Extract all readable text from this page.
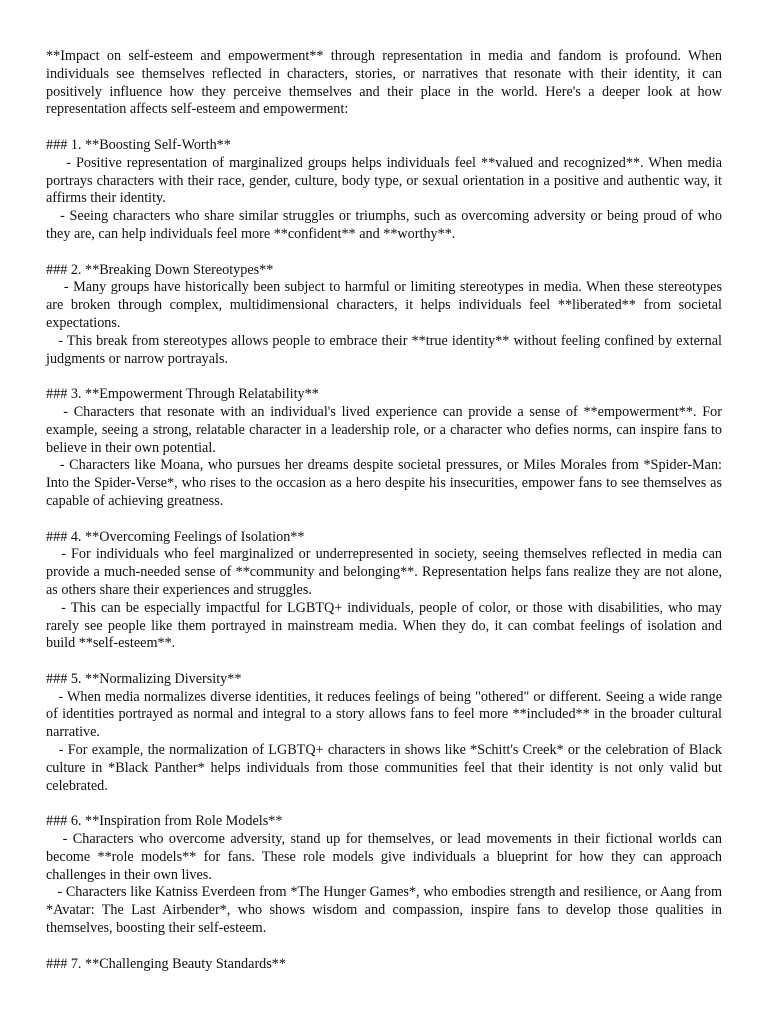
**Impact on self-esteem and empowerment** through representation in media and fandom is profound. When individuals see themselves reflected in characters, stories, or narratives that resonate with their identity, it can positively influence how they perceive themselves and their place in the world. Here's a deeper look at how representation affects self-esteem and empowerment:

### 1. **Boosting Self-Worth**

- Positive representation of marginalized groups helps individuals feel **valued and recognized**. When media portrays characters with their race, gender, culture, body type, or sexual orientation in a positive and authentic way, it affirms their identity.

- Seeing characters who share similar struggles or triumphs, such as overcoming adversity or being proud of who they are, can help individuals feel more **confident** and **worthy**.

### 2. **Breaking Down Stereotypes**

- Many groups have historically been subject to harmful or limiting stereotypes in media. When these stereotypes are broken through complex, multidimensional characters, it helps individuals feel **liberated** from societal expectations.

- This break from stereotypes allows people to embrace their **true identity** without feeling confined by external judgments or narrow portrayals.

### 3. **Empowerment Through Relatability**

- Characters that resonate with an individual's lived experience can provide a sense of **empowerment**. For example, seeing a strong, relatable character in a leadership role, or a character who defies norms, can inspire fans to believe in their own potential.

- Characters like Moana, who pursues her dreams despite societal pressures, or Miles Morales from *Spider-Man: Into the Spider-Verse*, who rises to the occasion as a hero despite his insecurities, empower fans to see themselves as capable of achieving greatness.

### 4. **Overcoming Feelings of Isolation**

- For individuals who feel marginalized or underrepresented in society, seeing themselves reflected in media can provide a much-needed sense of **community and belonging**. Representation helps fans realize they are not alone, as others share their experiences and struggles.

- This can be especially impactful for LGBTQ+ individuals, people of color, or those with disabilities, who may rarely see people like them portrayed in mainstream media. When they do, it can combat feelings of isolation and build **self-esteem**.

### 5. **Normalizing Diversity**

- When media normalizes diverse identities, it reduces feelings of being "othered" or different. Seeing a wide range of identities portrayed as normal and integral to a story allows fans to feel more **included** in the broader cultural narrative.

- For example, the normalization of LGBTQ+ characters in shows like *Schitt's Creek* or the celebration of Black culture in *Black Panther* helps individuals from those communities feel that their identity is not only valid but celebrated.

### 6. **Inspiration from Role Models**

- Characters who overcome adversity, stand up for themselves, or lead movements in their fictional worlds can become **role models** for fans. These role models give individuals a blueprint for how they can approach challenges in their own lives.

- Characters like Katniss Everdeen from *The Hunger Games*, who embodies strength and resilience, or Aang from *Avatar: The Last Airbender*, who shows wisdom and compassion, inspire fans to develop those qualities in themselves, boosting their self-esteem.

### 7. **Challenging Beauty Standards**
